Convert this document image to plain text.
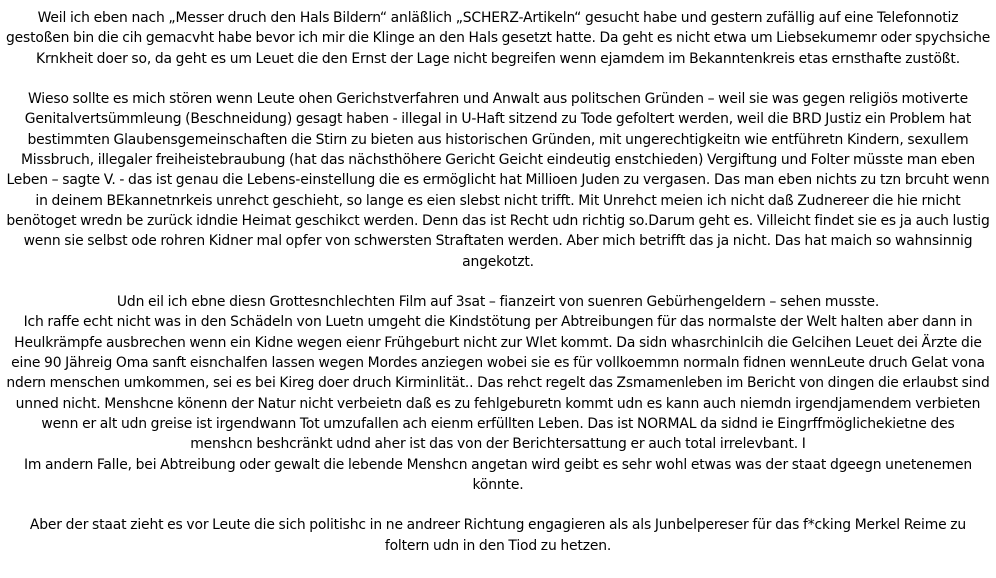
Weil ich eben nach „Messer druch den Hals Bildern“ anläßlich „SCHERZ-Artikeln“ gesucht habe und gestern zufällig auf eine Telefonnotiz
gestoßen bin die cih gemacvht habe bevor ich mir die Klinge an den Hals gesetzt hatte. Da geht es nicht etwa um Liebsekumemr oder spychsiche
Krnkheit doer so, da geht es um Leuet die den Ernst der Lage nicht begreifen wenn ejamdem im Bekanntenkreis etas ernsthafte zustößt.

Wieso sollte es mich stören wenn Leute ohen Gerichstverfahren und Anwalt aus politschen Gründen – weil sie was gegen religiös motiverte
Genitalvertsümmleung (Beschneidung) gesagt haben - illegal in U-Haft sitzend zu Tode gefoltert werden, weil die BRD Justiz ein Problem hat
bestimmten Glaubensgemeinschaften die Stirn zu bieten aus historischen Gründen, mit ungerechtigkeitn wie entführetn Kindern, sexullem
Missbruch, illegaler freiheistebraubung (hat das nächsthöhere Gericht Geicht eindeutig enstchieden) Vergiftung und Folter müsste man eben
Leben – sagte V. - das ist genau die Lebens-einstellung die es ermöglicht hat Millioen Juden zu vergasen. Das man eben nichts zu tzn brcuht wenn
in deinem BEkannetnrkeis unrehct geschieht, so lange es eien slebst nicht trifft. Mit Unrehct meien ich nicht daß Zudnereer die hie rnicht
benötoget wredn be zurück idndie Heimat geschikct werden. Denn das ist Recht udn richtig so.Darum geht es. Villeicht findet sie es ja auch lustig
wenn sie selbst ode rohren Kidner mal opfer von schwersten Straftaten werden. Aber mich betrifft das ja nicht. Das hat maich so wahnsinnig
angekotzt.

Udn eil ich ebne diesn Grottesnchlechten Film auf 3sat – fianzeirt von suenren Gebürhengeldern – sehen musste.
Ich raffe echt nicht was in den Schädeln von Luetn umgeht die Kindstötung per Abtreibungen für das normalste der Welt halten aber dann in
Heulkrämpfe ausbrechen wenn ein Kidne wegen eienr Frühgeburt nicht zur Wlet kommt. Da sidn whasrchinlcih die Gelcihen Leuet dei Ärzte die
eine 90 Jähreig Oma sanft eisnchalfen lassen wegen Mordes anziegen wobei sie es für vollkoemmn normaln fidnen wennLeute druch Gelat vona
ndern menschen umkommen, sei es bei Kireg doer druch Kirminlität.. Das rehct regelt das Zsmamenleben im Bericht von dingen die erlaubst sind
unned nicht. Menshcne könenn der Natur nicht verbeietn daß es zu fehlgeburetn kommt udn es kann auch niemdn irgendjamendem verbieten
wenn er alt udn greise ist irgendwann Tot umzufallen ach eienm erfüllten Leben. Das ist NORMAL da sidnd ie Eingrffmöglichekietne des
menshcn beshcränkt udnd aher ist das von der Berichtersattung er auch total irrelevbant. I
Im andern Falle, bei Abtreibung oder gewalt die lebende Menshcn angetan wird geibt es sehr wohl etwas was der staat dgeegn unetenemen
könnte.

Aber der staat zieht es vor Leute die sich politishc in ne andreer Richtung engagieren als als Junbelpereser für das f*cking Merkel Reime zu
foltern udn in den Tiod zu hetzen.
